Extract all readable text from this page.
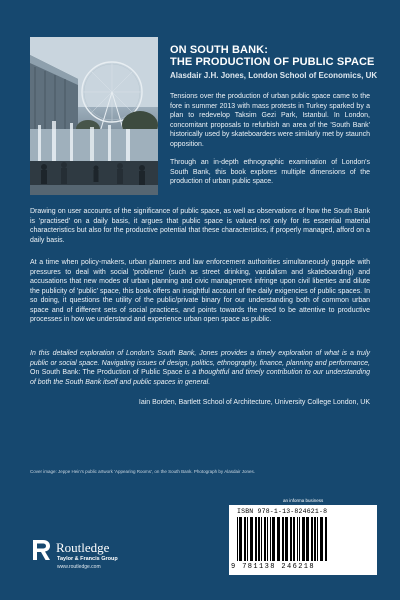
ON SOUTH BANK:
THE PRODUCTION OF PUBLIC SPACE
Alasdair J.H. Jones, London School of Economics, UK
Tensions over the production of urban public space came to the fore in summer 2013 with mass protests in Turkey sparked by a plan to redevelop Taksim Gezi Park, Istanbul. In London, concomitant proposals to refurbish an area of the 'South Bank' historically used by skateboarders were similarly met by staunch opposition.
Through an in-depth ethnographic examination of London's South Bank, this book explores multiple dimensions of the production of urban public space.
Drawing on user accounts of the significance of public space, as well as observations of how the South Bank is 'practised' on a daily basis, it argues that public space is valued not only for its essential material characteristics but also for the productive potential that these characteristics, if properly managed, afford on a daily basis.
At a time when policy-makers, urban planners and law enforcement authorities simultaneously grapple with pressures to deal with social 'problems' (such as street drinking, vandalism and skateboarding) and accusations that new modes of urban planning and civic management infringe upon civil liberties and dilute the publicity of 'public' space, this book offers an insightful account of the daily exigencies of public spaces. In so doing, it questions the utility of the public/private binary for our understanding both of common urban space and of different sets of social practices, and points towards the need to be attentive to productive processes in how we understand and experience urban open space as public.
In this detailed exploration of London's South Bank, Jones provides a timely exploration of what is a truly public or social space. Navigating issues of design, politics, ethnography, finance, planning and performance, On South Bank: The Production of Public Space is a thoughtful and timely contribution to our understanding of both the South Bank itself and public spaces in general.
Iain Borden, Bartlett School of Architecture, University College London, UK
Cover image: Jeppe Hein's public artwork 'Appearing Rooms', on the South Bank. Photograph by Alasdair Jones.
an informa business
ISBN 978-1-13-824621-8
9 781138 246218
Routledge
Taylor & Francis Group
www.routledge.com
